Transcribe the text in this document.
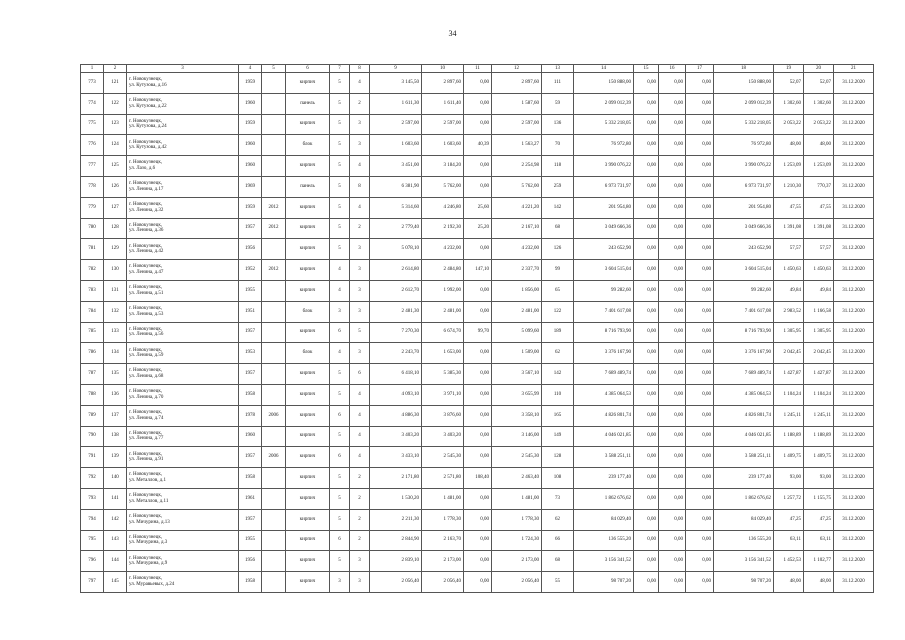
34
1	2	3	4	5	6	7	8	9	10	11	12	13	14	15	16	17	18	19	20	21
773	121	г. Новокузнецк,
ул. Кутузова, д.16	1959		кирпич	5	4	3 145,50	2 897,60	0,00	2 897,60	111	150 888,00	0,00	0,00	0,00	150 888,00	52,07	52,07	31.12.2020
774	122	г. Новокузнецк,
ул. Кутузова, д.22	1960		панель	5	2	1 611,30	1 611,40	0,00	1 587,60	59	2 099 012,39	0,00	0,00	0,00	2 099 012,39	1 302,60	1 302,60	31.12.2020
775	123	г. Новокузнецк,
ул. Кутузова, д.24	1959		кирпич	5	3	2 597,00	2 597,00	0,00	2 597,00	136	5 332 218,05	0,00	0,00	0,00	5 332 218,05	2 053,22	2 053,22	31.12.2020
776	124	г. Новокузнецк,
ул. Кутузова, д.42	1960		блок	5	3	1 603,60	1 603,60	40,39	1 563,27	70	76 972,80	0,00	0,00	0,00	76 972,80	48,00	48,00	31.12.2020
777	125	г. Новокузнецк,
ул. Лазо, д.6	1960		кирпич	5	4	3 451,00	3 184,20	0,00	2 254,98	118	3 990 076,22	0,00	0,00	0,00	3 990 076,22	1 253,09	1 253,09	31.12.2020
778	126	г. Новокузнецк,
ул. Ленина, д.17	1969		панель	5	8	6 381,90	5 762,00	0,00	5 762,00	259	6 973 731,97	0,00	0,00	0,00	6 973 731,97	1 210,30	770,37	31.12.2020
779	127	г. Новокузнецк,
ул. Ленина, д.32	1959	2012	кирпич	5	4	5 314,60	4 246,80	25,60	4 221,20	142	201 954,80	0,00	0,00	0,00	201 954,80	47,55	47,55	31.12.2020
780	128	г. Новокузнецк,
ул. Ленина, д.36	1957	2012	кирпич	5	2	2 779,40	2 192,30	25,20	2 167,10	68	3 049 666,36	0,00	0,00	0,00	3 049 666,36	1 391,08	1 391,08	31.12.2020
781	129	г. Новокузнецк,
ул. Ленина, д.42	1956		кирпич	5	3	5 078,10	4 232,00	0,00	4 232,00	126	243 652,90	0,00	0,00	0,00	243 652,90	57,57	57,57	31.12.2020
782	130	г. Новокузнецк,
ул. Ленина, д.47	1952	2012	кирпич	4	3	2 614,80	2 484,80	147,10	2 337,70	99	3 604 515,04	0,00	0,00	0,00	3 604 515,04	1 450,63	1 450,63	31.12.2020
783	131	г. Новокузнецк,
ул. Ленина, д.51	1955		кирпич	4	3	2 612,70	1 992,00	0,00	1 856,00	65	99 282,60	0,00	0,00	0,00	99 282,60	49,84	49,84	31.12.2020
784	132	г. Новокузнецк,
ул. Ленина, д.53	1951		блок	3	3	2 481,30	2 481,00	0,00	2 481,00	122	7 401 617,08	0,00	0,00	0,00	7 401 617,08	2 983,52	1 166,58	31.12.2020
785	133	г. Новокузнецк,
ул. Ленина, д.56	1957		кирпич	6	5	7 270,30	6 674,70	99,70	5 099,60	189	8 716 793,90	0,00	0,00	0,00	8 716 793,90	1 305,95	1 305,95	31.12.2020
786	134	г. Новокузнецк,
ул. Ленина, д.59	1953		блок	4	3	2 243,70	1 653,00	0,00	1 509,00	62	3 376 167,90	0,00	0,00	0,00	3 376 167,90	2 042,45	2 042,45	31.12.2020
787	135	г. Новокузнецк,
ул. Ленина, д.68	1957		кирпич	5	6	6 418,10	5 385,30	0,00	3 567,10	142	7 689 489,74	0,00	0,00	0,00	7 689 489,74	1 427,87	1 427,87	31.12.2020
788	136	г. Новокузнецк,
ул. Ленина, д.70	1958		кирпич	5	4	4 093,10	3 971,10	0,00	3 655,99	110	4 385 064,53	0,00	0,00	0,00	4 385 064,53	1 104,24	1 104,24	31.12.2020
789	137	г. Новокузнецк,
ул. Ленина, д.74	1978	2006	кирпич	6	4	4 886,30	3 876,60	0,00	3 358,10	165	4 826 801,74	0,00	0,00	0,00	4 826 801,74	1 245,11	1 245,11	31.12.2020
790	138	г. Новокузнецк,
ул. Ленина, д.77	1960		кирпич	5	4	3 403,20	3 403,20	0,00	3 146,00	149	4 046 021,85	0,00	0,00	0,00	4 046 021,85	1 188,89	1 188,89	31.12.2020
791	139	г. Новокузнецк,
ул. Ленина, д.91	1957	2006	кирпич	6	4	3 433,10	2 545,30	0,00	2 545,30	128	3 588 251,11	0,00	0,00	0,00	3 588 251,11	1 409,75	1 409,75	31.12.2020
792	140	г. Новокузнецк,
ул. Металлов, д.1	1958		кирпич	5	2	2 171,80	2 571,80	108,40	2 463,40	108	239 177,40	0,00	0,00	0,00	239 177,40	93,00	93,00	31.12.2020
793	141	г. Новокузнецк,
ул. Металлов, д.11	1961		кирпич	5	2	1 530,20	1 481,00	0,00	1 481,00	73	1 862 676,62	0,00	0,00	0,00	1 862 676,62	1 257,72	1 155,75	31.12.2020
794	142	г. Новокузнецк,
ул. Мичурина, д.13	1957		кирпич	5	2	2 211,30	1 778,30	0,00	1 778,30	62	84 029,40	0,00	0,00	0,00	84 029,40	47,25	47,25	31.12.2020
795	143	г. Новокузнецк,
ул. Мичурина, д.3	1955		кирпич	6	2	2 844,90	2 163,70	0,00	1 724,30	66	136 555,20	0,00	0,00	0,00	136 555,20	63,11	63,11	31.12.2020
796	144	г. Новокузнецк,
ул. Мичурина, д.9	1956		кирпич	5	3	2 839,10	2 173,00	0,00	2 173,00	68	3 156 341,52	0,00	0,00	0,00	3 156 341,52	1 452,53	1 102,77	31.12.2020
797	145	г. Новокузнецк,
ул. Муравьевых, д.24	1958		кирпич	3	3	2 056,40	2 056,40	0,00	2 056,40	55	98 707,20	0,00	0,00	0,00	98 707,20	48,00	48,00	31.12.2020
